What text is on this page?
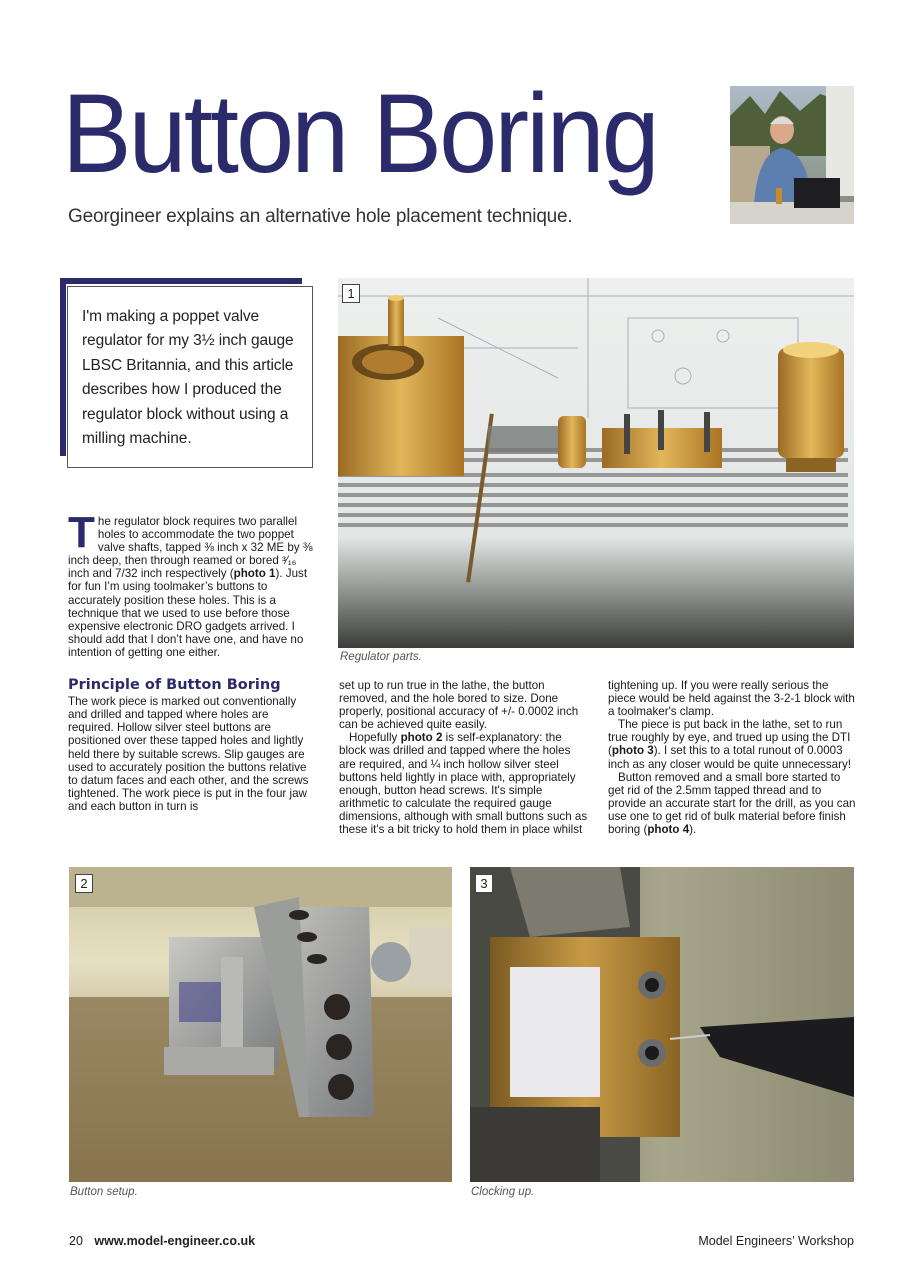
Button Boring
Georgineer explains an alternative hole placement technique.
I'm making a poppet valve regulator for my 3½ inch gauge LBSC Britannia, and this article describes how I produced the regulator block without using a milling machine.
1
Regulator parts.

The regulator block requires two parallel holes to accommodate the two poppet valve shafts, tapped ⅜ inch x 32 ME by ⅜ inch deep, then through reamed or bored ³⁄₁₆ inch and 7/32 inch respectively (photo 1). Just for fun I’m using toolmaker’s buttons to accurately position these holes. This is a technique that we used to use before those expensive electronic DRO gadgets arrived. I should add that I don’t have one, and have no intention of getting one either.

Principle of Button Boring

The work piece is marked out conventionally and drilled and tapped where holes are required. Hollow silver steel buttons are positioned over these tapped holes and lightly held there by suitable screws. Slip gauges are used to accurately position the buttons relative to datum faces and each other, and the screws tightened. The work piece is put in the four jaw and each button in turn is

set up to run true in the lathe, the button removed, and the hole bored to size. Done properly, positional accuracy of +/- 0.0002 inch can be achieved quite easily.

Hopefully photo 2 is self-explanatory: the block was drilled and tapped where the holes are required, and ¼ inch hollow silver steel buttons held lightly in place with, appropriately enough, button head screws. It's simple arithmetic to calculate the required gauge dimensions, although with small buttons such as these it's a bit tricky to hold them in place whilst

tightening up. If you were really serious the piece would be held against the 3-2-1 block with a toolmaker's clamp.

The piece is put back in the lathe, set to run true roughly by eye, and trued up using the DTI (photo 3). I set this to a total runout of 0.0003 inch as any closer would be quite unnecessary!

Button removed and a small bore started to get rid of the 2.5mm tapped thread and to provide an accurate start for the drill, as you can use one to get rid of bulk material before finish boring (photo 4).

2
Button setup.
3
Clocking up.
20 www.model-engineer.co.uk	Model Engineers’ Workshop
